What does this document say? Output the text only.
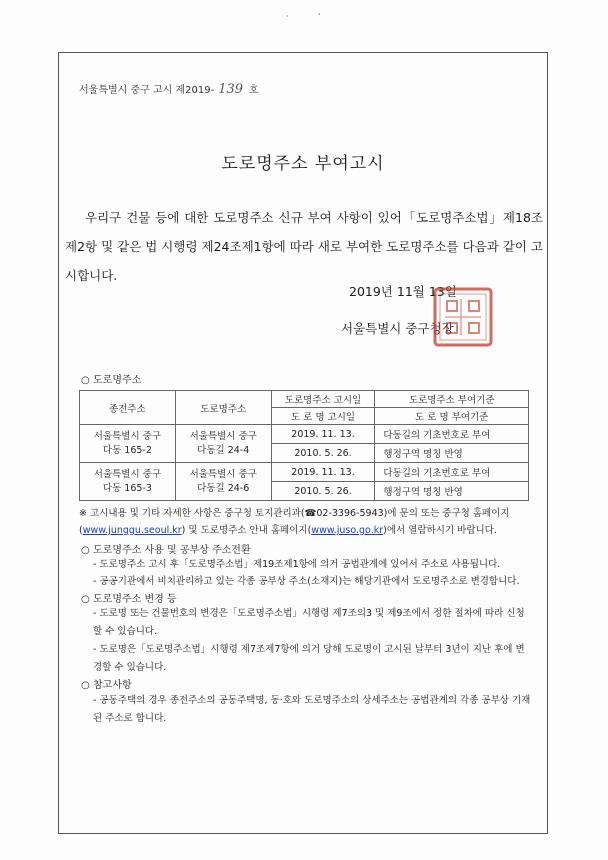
·	'
서울특별시 중구 고시 제2019- 139 호
도로명주소 부여고시
우리구 건물 등에 대한 도로명주소 신규 부여 사항이 있어「도로명주소법」제18조 제2항 및 같은 법 시행령 제24조제1항에 따라 새로 부여한 도로명주소를 다음과 같이 고시합니다.
2019년 11월 13일
서울특별시 중구청장
○ 도로명주소
종전주소	도로명주소	도로명주소 고시일	도로명주소 부여기준
		도 로 명 고시일	도 로 명 부여기준
서울특별시 중구 다동 165-2	서울특별시 중구 다동길 24-4	2019. 11. 13.	다동길의 기초번호로 부여
		2010. 5. 26.	행정구역 명칭 반영
서울특별시 중구 다동 165-3	서울특별시 중구 다동길 24-6	2019. 11. 13.	다동길의 기초번호로 부여
		2010. 5. 26.	행정구역 명칭 반영
※ 고시내용 및 기타 자세한 사항은 중구청 토지관리과(☎02-3396-5943)에 문의 또는 중구청 홈페이지 (www.junggu.seoul.kr) 및 도로명주소 안내 홈페이지(www.juso.go.kr)에서 열람하시기 바랍니다.
○ 도로명주소 사용 및 공부상 주소전환
- 도로명주소 고시 후「도로명주소법」제19조제1항에 의거 공법관계에 있어서 주소로 사용됩니다.
- 공공기관에서 비치관리하고 있는 각종 공부상 주소(소재지)는 해당기관에서 도로명주소로 변경합니다.
○ 도로명주소 변경 등
- 도로명 또는 건물번호의 변경은「도로명주소법」시행령 제7조의3 및 제9조에서 정한 절차에 따라 신청할 수 있습니다.
- 도로명은「도로명주소법」시행령 제7조제7항에 의거 당해 도로명이 고시된 날부터 3년이 지난 후에 변경할 수 있습니다.
○ 참고사항
- 공동주택의 경우 종전주소의 공동주택명, 동·호와 도로명주소의 상세주소는 공법관계의 각종 공부상 기재된 주소로 합니다.
